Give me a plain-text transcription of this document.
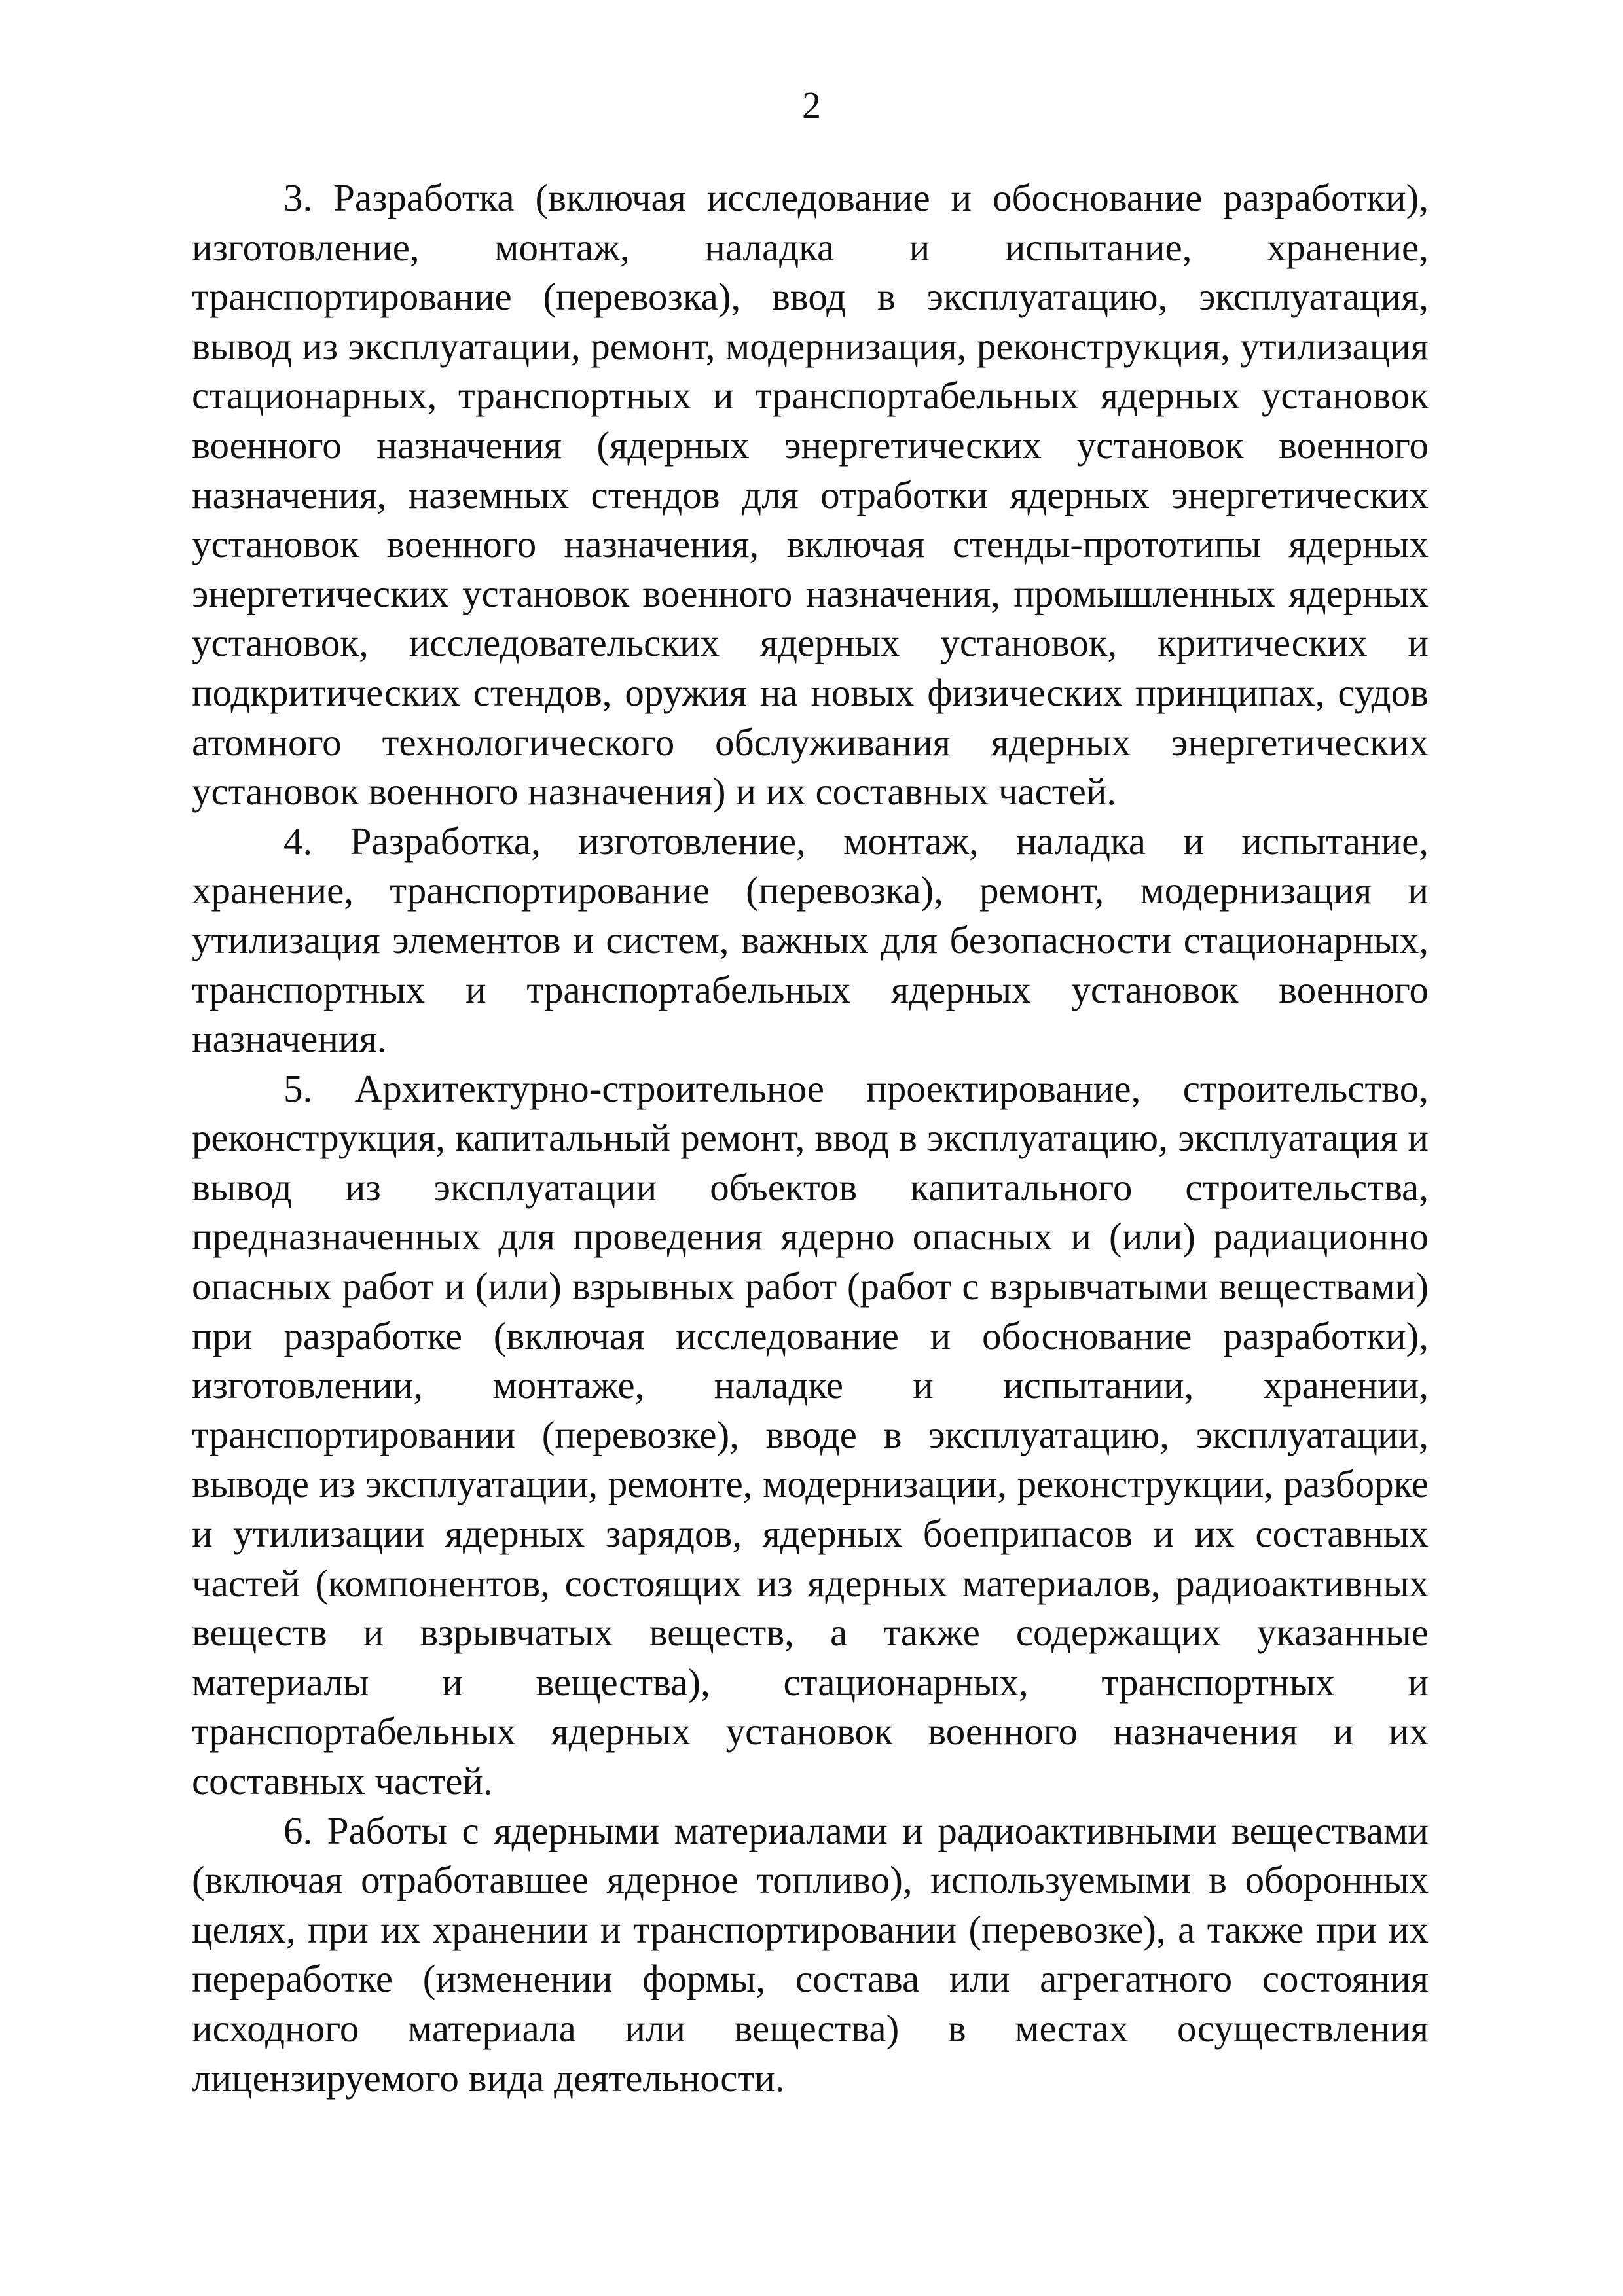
2

3. Разработка (включая исследование и обоснование разработки), изготовление, монтаж, наладка и испытание, хранение, транспортирование (перевозка), ввод в эксплуатацию, эксплуатация, вывод из эксплуатации, ремонт, модернизация, реконструкция, утилизация стационарных, транспортных и транспортабельных ядерных установок военного назначения (ядерных энергетических установок военного назначения, наземных стендов для отработки ядерных энергетических установок военного назначения, включая стенды-прототипы ядерных энергетических установок военного назначения, промышленных ядерных установок, исследовательских ядерных установок, критических и подкритических стендов, оружия на новых физических принципах, судов атомного технологического обслуживания ядерных энергетических установок военного назначения) и их составных частей.

4. Разработка, изготовление, монтаж, наладка и испытание, хранение, транспортирование (перевозка), ремонт, модернизация и утилизация элементов и систем, важных для безопасности стационарных, транспортных и транспортабельных ядерных установок военного назначения.

5. Архитектурно-строительное проектирование, строительство, реконструкция, капитальный ремонт, ввод в эксплуатацию, эксплуатация и вывод из эксплуатации объектов капитального строительства, предназначенных для проведения ядерно опасных и (или) радиационно опасных работ и (или) взрывных работ (работ с взрывчатыми веществами) при разработке (включая исследование и обоснование разработки), изготовлении, монтаже, наладке и испытании, хранении, транспортировании (перевозке), вводе в эксплуатацию, эксплуатации, выводе из эксплуатации, ремонте, модернизации, реконструкции, разборке и утилизации ядерных зарядов, ядерных боеприпасов и их составных частей (компонентов, состоящих из ядерных материалов, радиоактивных веществ и взрывчатых веществ, а также содержащих указанные материалы и вещества), стационарных, транспортных и транспортабельных ядерных установок военного назначения и их составных частей.

6. Работы с ядерными материалами и радиоактивными веществами (включая отработавшее ядерное топливо), используемыми в оборонных целях, при их хранении и транспортировании (перевозке), а также при их переработке (изменении формы, состава или агрегатного состояния исходного материала или вещества) в местах осуществления лицензируемого вида деятельности.
